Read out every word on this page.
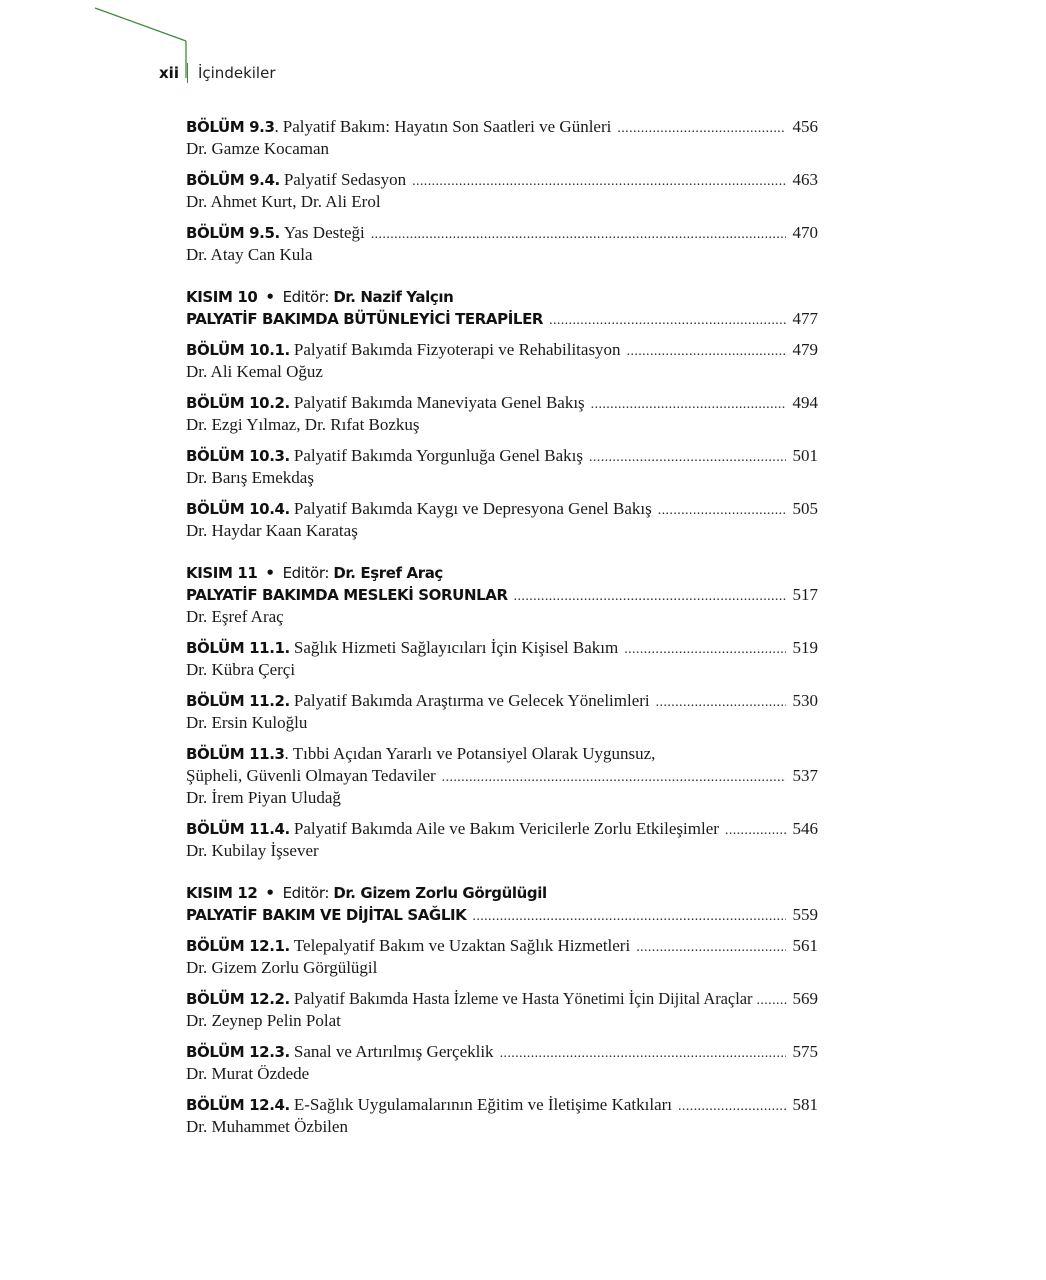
xii İçindekiler
BÖLÜM 9.3 .
Palyatif Bakım: Hayatın Son Saatleri ve Günleri .....	456
Dr. Gamze Kocaman
BÖLÜM 9.4.
Palyatif Sedasyon .....	463
Dr. Ahmet Kurt, Dr. Ali Erol
BÖLÜM 9.5.
Yas Desteği .....	470
Dr. Atay Can Kula
KISIM 10 • Editör: Dr. Nazif Yalçın
PALYATİF BAKIMDA BÜTÜNLEYİCİ TERAPİLER .....	477
BÖLÜM 10.1.
Palyatif Bakımda Fizyoterapi ve Rehabilitasyon .....	479
Dr. Ali Kemal Oğuz
BÖLÜM 10.2.
Palyatif Bakımda Maneviyata Genel Bakış .....	494
Dr. Ezgi Yılmaz, Dr. Rıfat Bozkuş
BÖLÜM 10.3.
Palyatif Bakımda Yorgunluğa Genel Bakış .....	501
Dr. Barış Emekdaş
BÖLÜM 10.4.
Palyatif Bakımda Kaygı ve Depresyona Genel Bakış .....	505
Dr. Haydar Kaan Karataş
KISIM 11 • Editör: Dr. Eşref Araç
PALYATİF BAKIMDA MESLEKİ SORUNLAR .....	517
Dr. Eşref Araç
BÖLÜM 11.1.
Sağlık Hizmeti Sağlayıcıları İçin Kişisel Bakım .....	519
Dr. Kübra Çerçi
BÖLÜM 11.2.
Palyatif Bakımda Araştırma ve Gelecek Yönelimleri .....	530
Dr. Ersin Kuloğlu
BÖLÜM 11.3 .
Tıbbi Açıdan Yararlı ve Potansiyel Olarak Uygunsuz,
Şüpheli, Güvenli Olmayan Tedaviler .....	537
Dr. İrem Piyan Uludağ
BÖLÜM 11.4.
Palyatif Bakımda Aile ve Bakım Vericilerle Zorlu Etkileşimler .....	546
Dr. Kubilay İşsever
KISIM 12 • Editör: Dr. Gizem Zorlu Görgülügil
PALYATİF BAKIM VE DİJİTAL SAĞLIK .....	559
BÖLÜM 12.1.
Telepalyatif Bakım ve Uzaktan Sağlık Hizmetleri .....	561
Dr. Gizem Zorlu Görgülügil
BÖLÜM 12.2.
Palyatif Bakımda Hasta İzleme ve Hasta Yönetimi İçin Dijital Araçlar ..... 569
Dr. Zeynep Pelin Polat
BÖLÜM 12.3.
Sanal ve Artırılmış Gerçeklik .....	575
Dr. Murat Özdede
BÖLÜM 12.4.
E-Sağlık Uygulamalarının Eğitim ve İletişime Katkıları .....	581
Dr. Muhammet Özbilen
